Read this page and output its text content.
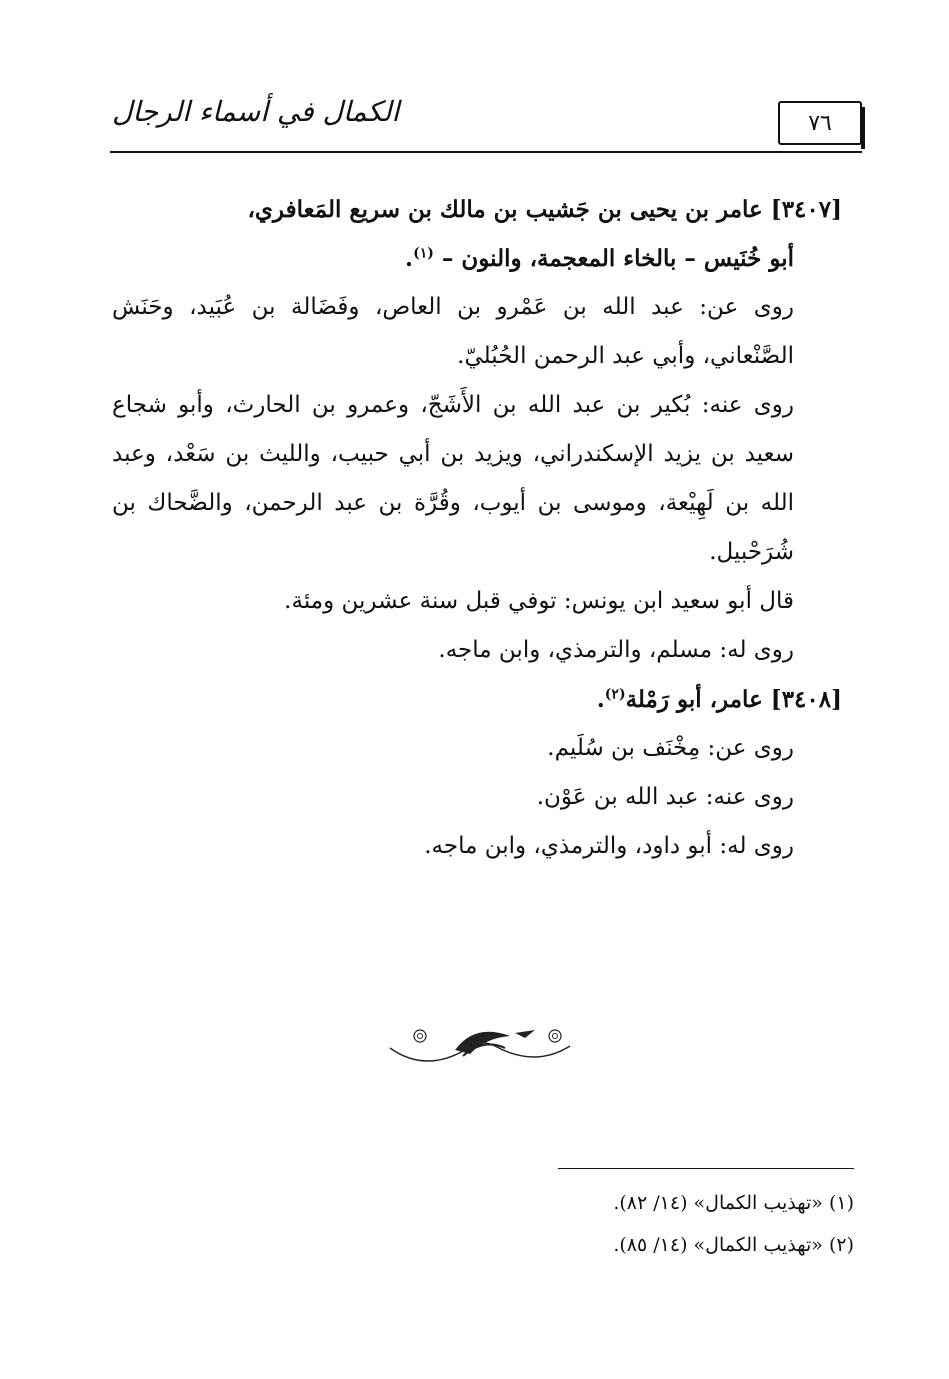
٧٦
الكمال في أسماء الرجال

[٣٤٠٧] عامر بن يحيى بن جَشيب بن مالك بن سريع المَعافري،
أبو خُنَيس – بالخاء المعجمة، والنون – $^{(١)}$.

روى عن: عبد الله بن عَمْرو بن العاص، وفَضَالة بن عُبَيد، وحَنَش الصَّنْعاني، وأبي عبد الرحمن الحُبُليّ.

روى عنه: بُكير بن عبد الله بن الأَشَجّ، وعمرو بن الحارث، وأبو شجاع سعيد بن يزيد الإسكندراني، ويزيد بن أبي حبيب، والليث بن سَعْد، وعبد الله بن لَهِيْعة، وموسى بن أيوب، وقُرَّة بن عبد الرحمن، والضَّحاك بن شُرَحْبيل.

قال أبو سعيد ابن يونس: توفي قبل سنة عشرين ومئة.

روى له: مسلم، والترمذي، وابن ماجه.

[٣٤٠٨] عامر، أبو رَمْلة$^{(٢)}$.

روى عن: مِخْنَف بن سُلَيم.

روى عنه: عبد الله بن عَوْن.

روى له: أبو داود، والترمذي، وابن ماجه.

(١) «تهذيب الكمال» (١٤/ ٨٢).
(٢) «تهذيب الكمال» (١٤/ ٨٥).
